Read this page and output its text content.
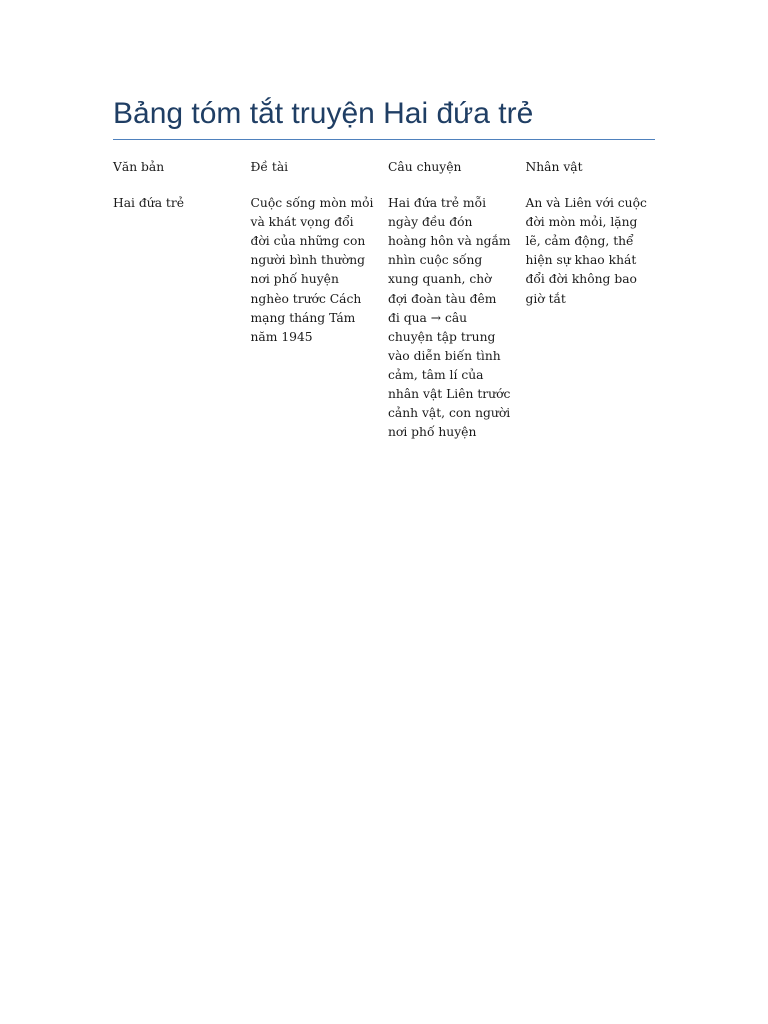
Bảng tóm tắt truyện Hai đứa trẻ
Văn bản	Đề tài	Câu chuyện	Nhân vật
Hai đứa trẻ	Cuộc sống mòn mỏi và khát vọng đổi đời của những con người bình thường nơi phố huyện nghèo trước Cách mạng tháng Tám năm 1945	Hai đứa trẻ mỗi ngày đều đón hoàng hôn và ngắm nhìn cuộc sống xung quanh, chờ đợi đoàn tàu đêm đi qua → câu chuyện tập trung vào diễn biến tình cảm, tâm lí của nhân vật Liên trước cảnh vật, con người nơi phố huyện	An và Liên với cuộc đời mòn mỏi, lặng lẽ, cảm động, thể hiện sự khao khát đổi đời không bao giờ tắt
